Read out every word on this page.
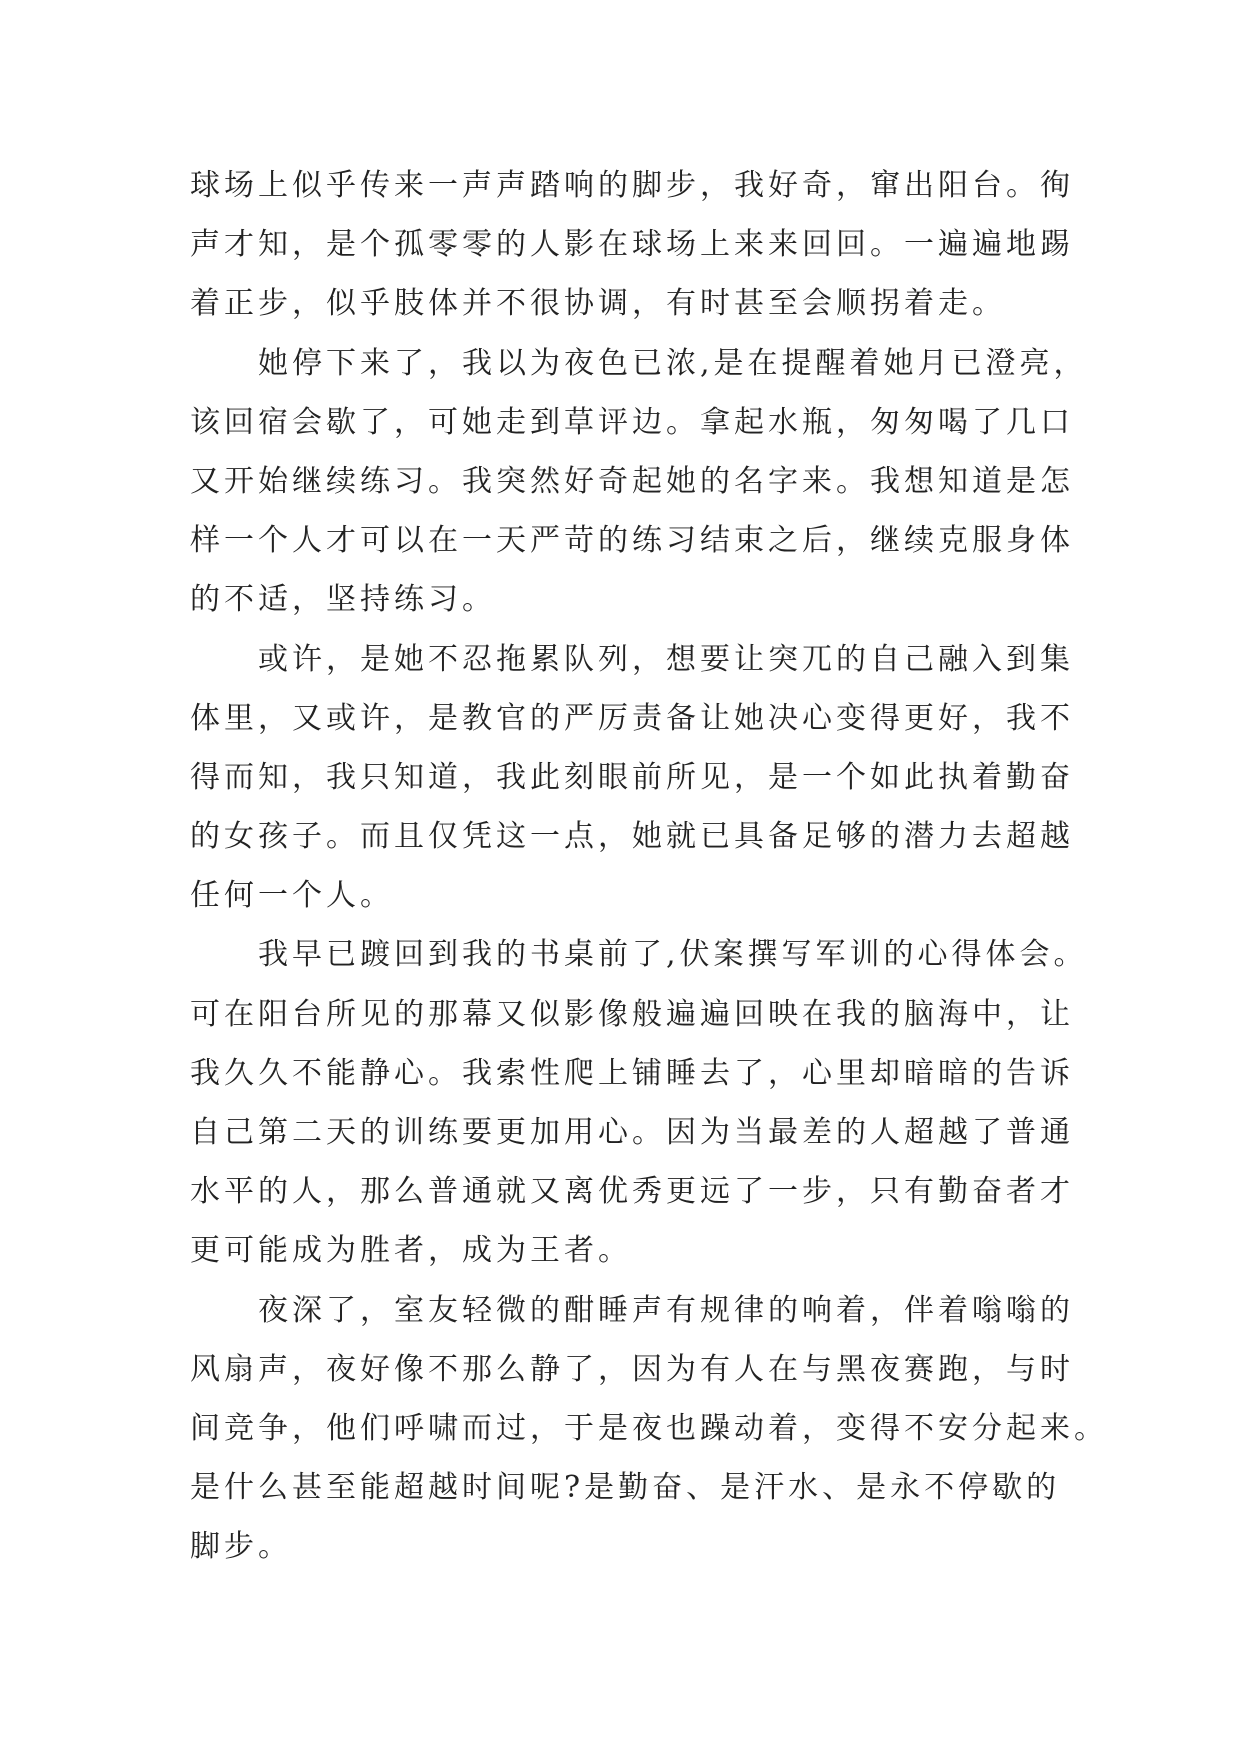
球场上似乎传来一声声踏响的脚步，我好奇，窜出阳台。徇
声才知，是个孤零零的人影在球场上来来回回。一遍遍地踢
着正步，似乎肢体并不很协调，有时甚至会顺拐着走。
她停下来了，我以为夜色已浓,是在提醒着她月已澄亮，
该回宿会歇了，可她走到草评边。拿起水瓶，匆匆喝了几口
又开始继续练习。我突然好奇起她的名字来。我想知道是怎
样一个人才可以在一天严苛的练习结束之后，继续克服身体
的不适，坚持练习。
或许，是她不忍拖累队列，想要让突兀的自己融入到集
体里，又或许，是教官的严厉责备让她决心变得更好，我不
得而知，我只知道，我此刻眼前所见，是一个如此执着勤奋
的女孩子。而且仅凭这一点，她就已具备足够的潜力去超越
任何一个人。
我早已踱回到我的书桌前了,伏案撰写军训的心得体会。
可在阳台所见的那幕又似影像般遍遍回映在我的脑海中，让
我久久不能静心。我索性爬上铺睡去了，心里却暗暗的告诉
自己第二天的训练要更加用心。因为当最差的人超越了普通
水平的人，那么普通就又离优秀更远了一步，只有勤奋者才
更可能成为胜者，成为王者。
夜深了，室友轻微的酣睡声有规律的响着，伴着嗡嗡的
风扇声，夜好像不那么静了，因为有人在与黑夜赛跑，与时
间竞争，他们呼啸而过，于是夜也躁动着，变得不安分起来。
是什么甚至能超越时间呢?是勤奋、是汗水、是永不停歇的
脚步。
